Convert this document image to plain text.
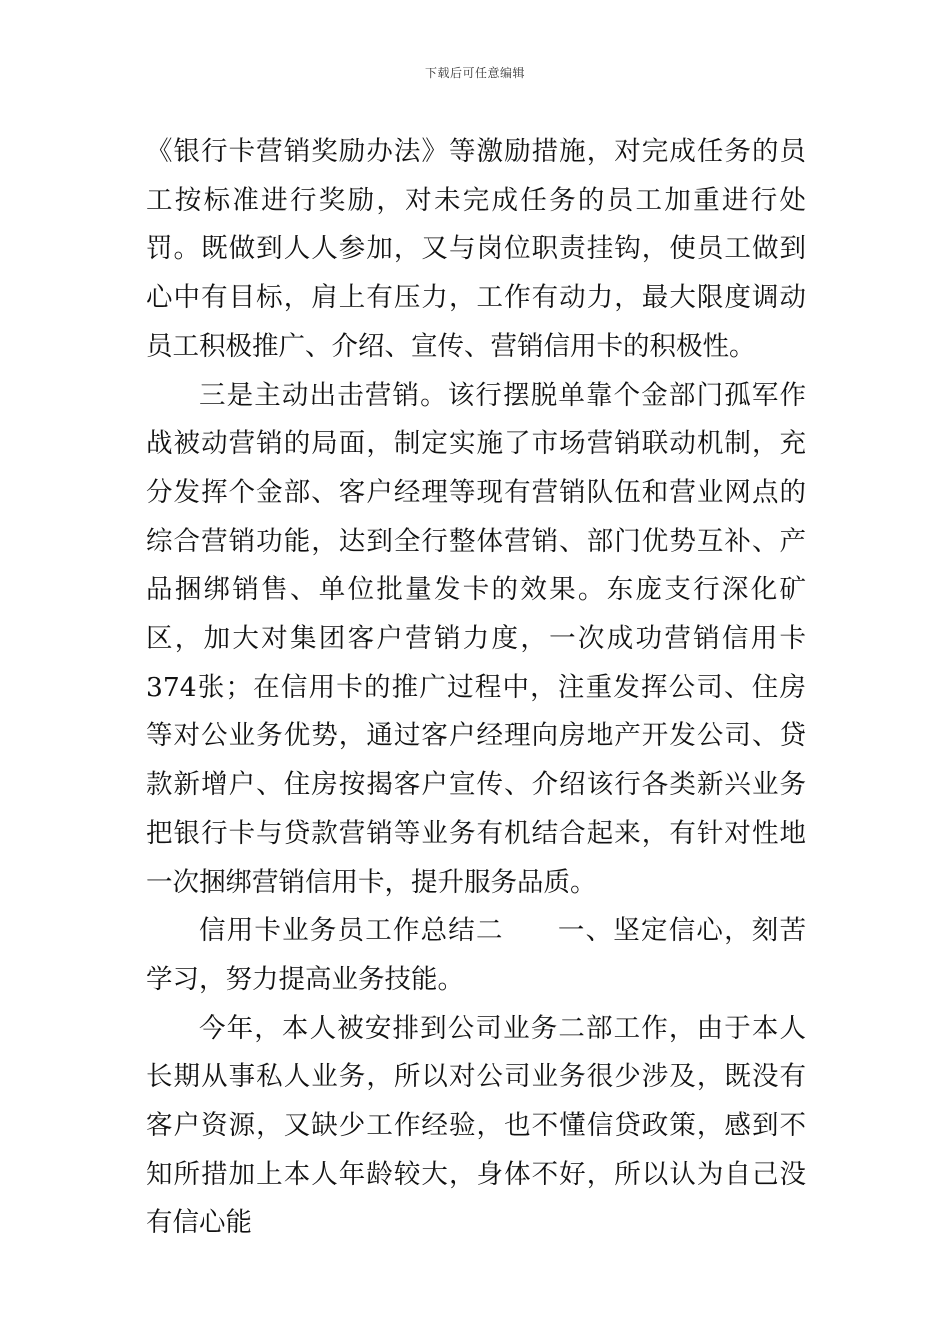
下载后可任意编辑

《银行卡营销奖励办法》等激励措施，对完成任务的员工按标准进行奖励，对未完成任务的员工加重进行处罚。既做到人人参加，又与岗位职责挂钩，使员工做到心中有目标，肩上有压力，工作有动力，最大限度调动员工积极推广、介绍、宣传、营销信用卡的积极性。

三是主动出击营销。该行摆脱单靠个金部门孤军作战被动营销的局面，制定实施了市场营销联动机制，充分发挥个金部、客户经理等现有营销队伍和营业网点的综合营销功能，达到全行整体营销、部门优势互补、产品捆绑销售、单位批量发卡的效果。东庞支行深化矿区，加大对集团客户营销力度，一次成功营销信用卡374张；在信用卡的推广过程中，注重发挥公司、住房等对公业务优势，通过客户经理向房地产开发公司、贷款新增户、住房按揭客户宣传、介绍该行各类新兴业务把银行卡与贷款营销等业务有机结合起来，有针对性地一次捆绑营销信用卡，提升服务品质。

信用卡业务员工作总结二 一、坚定信心，刻苦学习，努力提高业务技能。

今年，本人被安排到公司业务二部工作，由于本人长期从事私人业务，所以对公司业务很少涉及，既没有客户资源，又缺少工作经验，也不懂信贷政策，感到不知所措加上本人年龄较大，身体不好，所以认为自己没有信心能
